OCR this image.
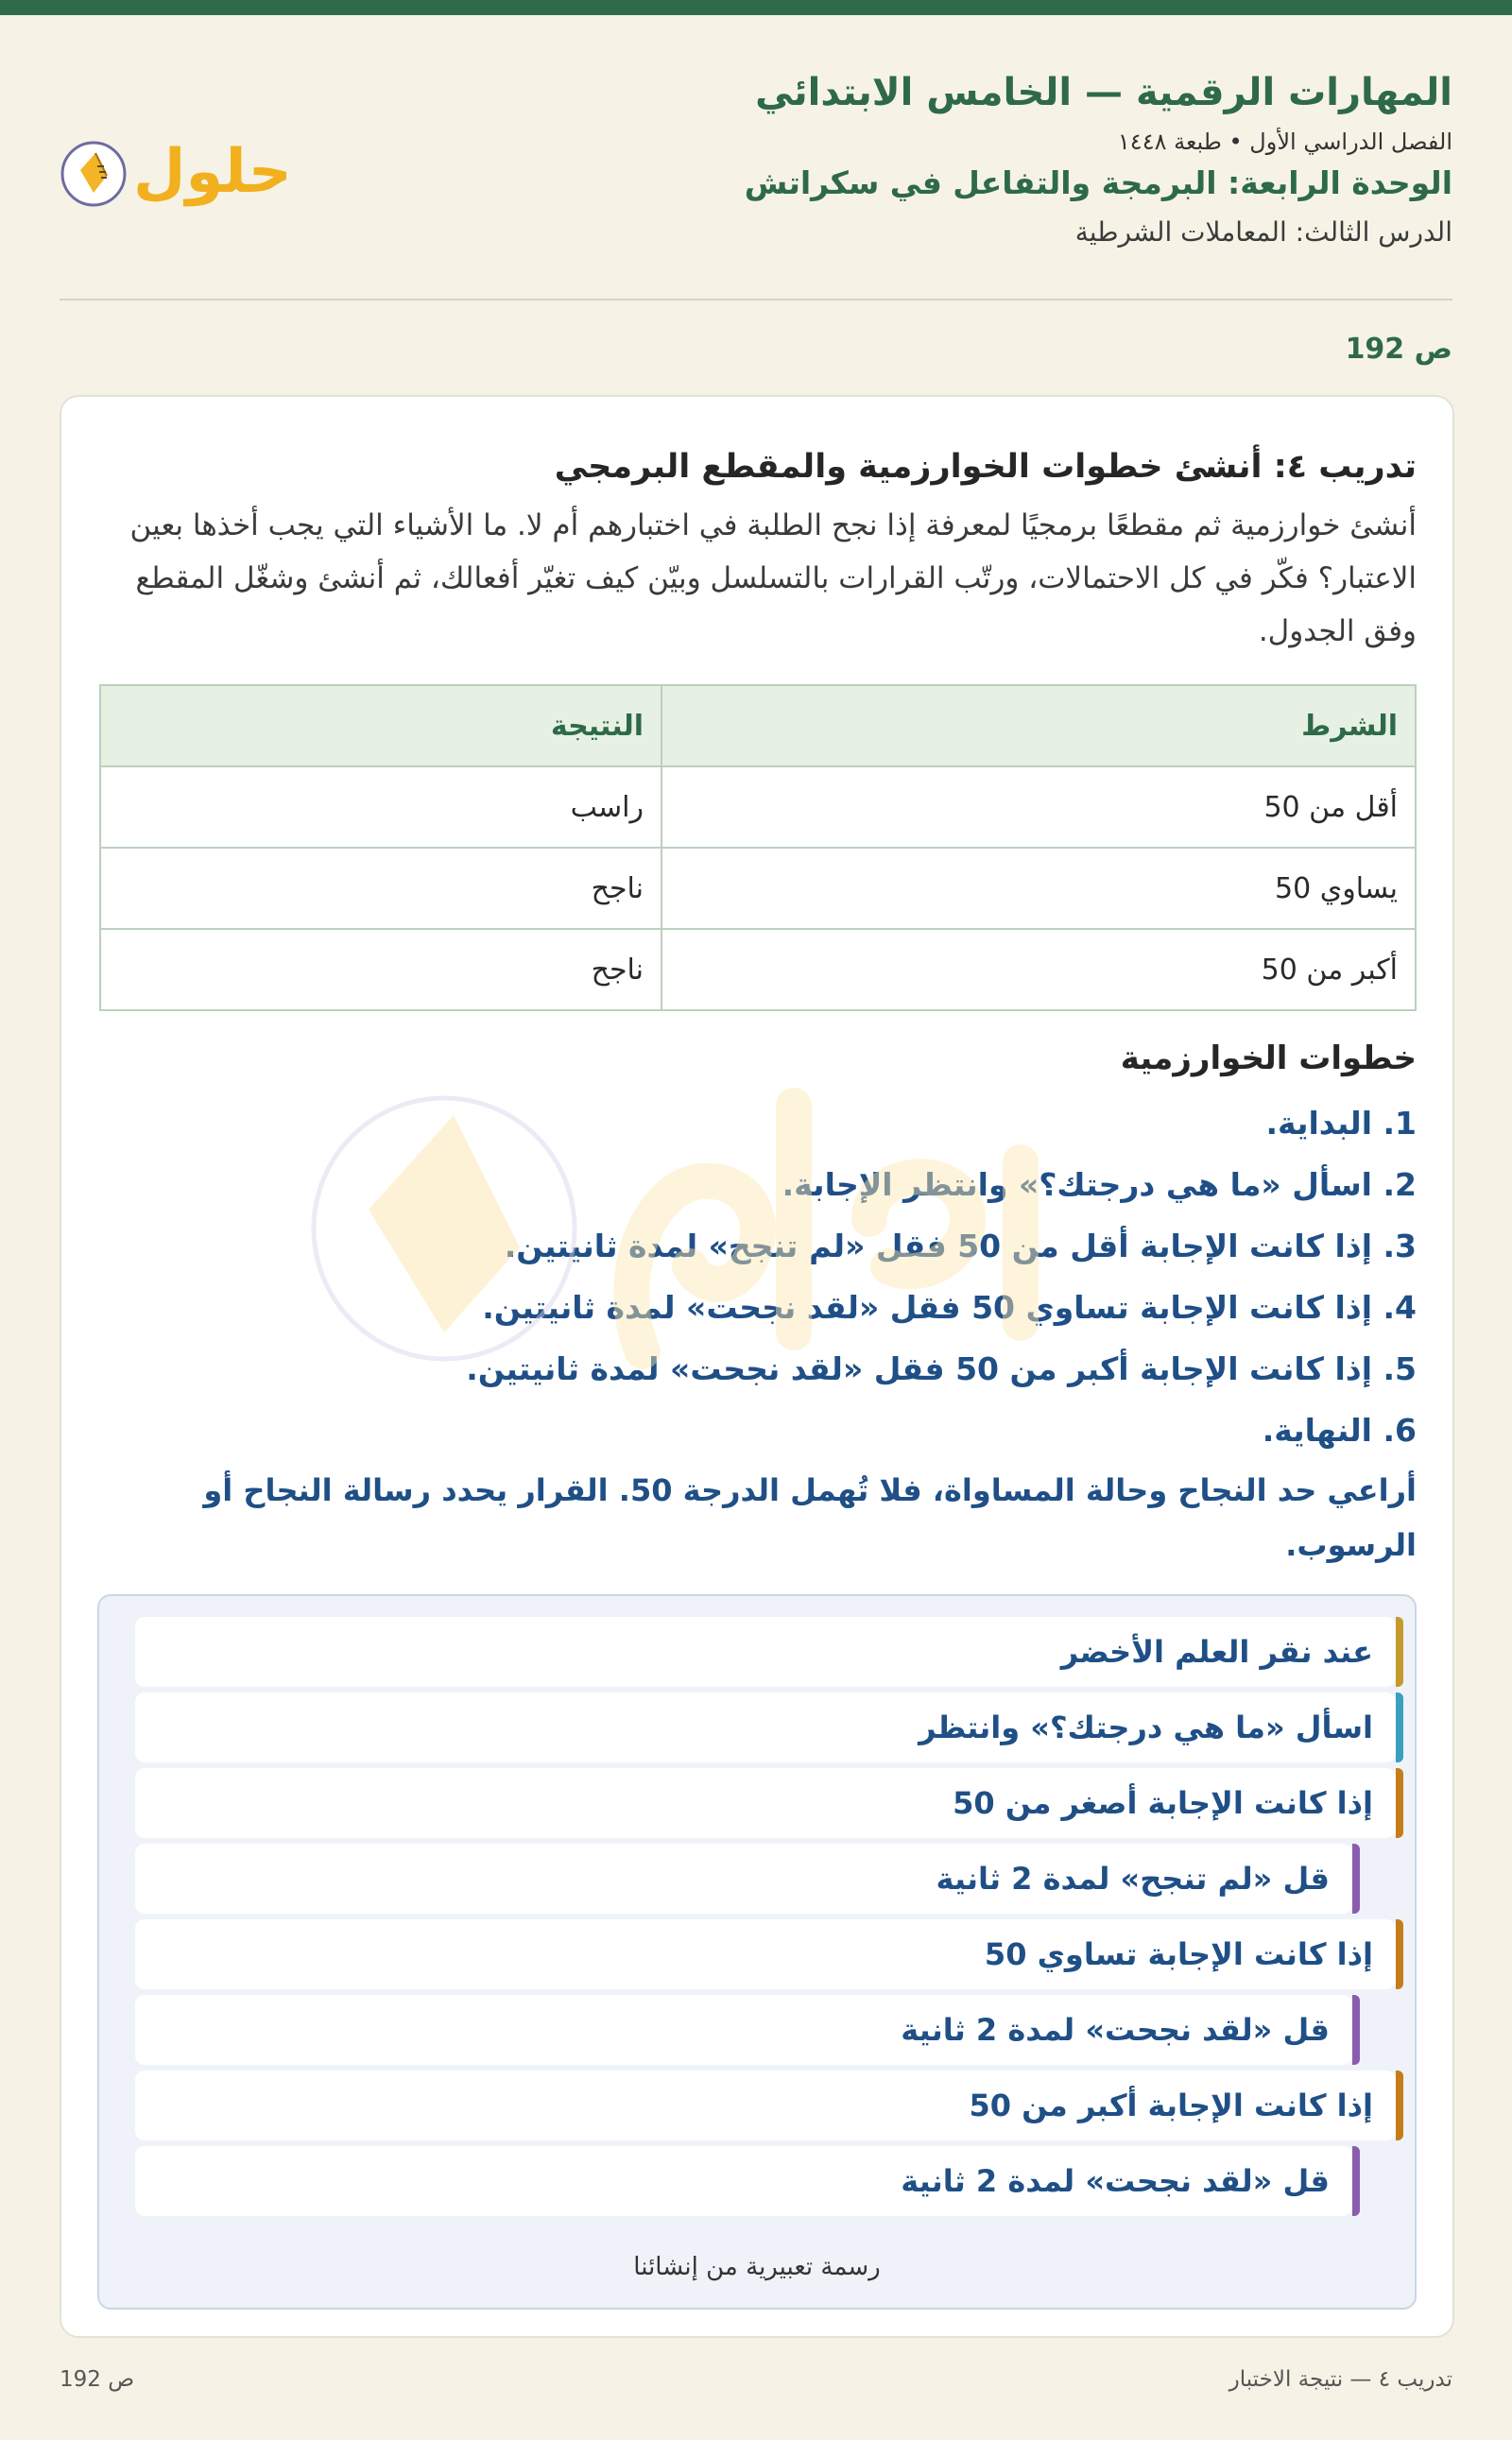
المهارات الرقمية — الخامس الابتدائي
الفصل الدراسي الأول • طبعة ١٤٤٨
الوحدة الرابعة: البرمجة والتفاعل في سكراتش
الدرس الثالث: المعاملات الشرطية
حلول
ص 192
تدريب ٤: أنشئ خطوات الخوارزمية والمقطع البرمجي
أنشئ خوارزمية ثم مقطعًا برمجيًا لمعرفة إذا نجح الطلبة في اختبارهم أم لا. ما الأشياء التي يجب أخذها بعين الاعتبار؟ فكّر في كل الاحتمالات، ورتّب القرارات بالتسلسل وبيّن كيف تغيّر أفعالك، ثم أنشئ وشغّل المقطع وفق الجدول.
الشرط	النتيجة
أقل من 50	راسب
يساوي 50	ناجح
أكبر من 50	ناجح
خطوات الخوارزمية
1. البداية.
2. اسأل «ما هي درجتك؟» وانتظر الإجابة.
3. إذا كانت الإجابة أقل من 50 فقل «لم تنجح» لمدة ثانيتين.
4. إذا كانت الإجابة تساوي 50 فقل «لقد نجحت» لمدة ثانيتين.
5. إذا كانت الإجابة أكبر من 50 فقل «لقد نجحت» لمدة ثانيتين.
6. النهاية.
أراعي حد النجاح وحالة المساواة، فلا تُهمل الدرجة 50. القرار يحدد رسالة النجاح أو الرسوب.
عند نقر العلم الأخضر
اسأل «ما هي درجتك؟» وانتظر
إذا كانت الإجابة أصغر من 50
قل «لم تنجح» لمدة 2 ثانية
إذا كانت الإجابة تساوي 50
قل «لقد نجحت» لمدة 2 ثانية
إذا كانت الإجابة أكبر من 50
قل «لقد نجحت» لمدة 2 ثانية
رسمة تعبيرية من إنشائنا
تدريب ٤ — نتيجة الاختبار
ص 192
